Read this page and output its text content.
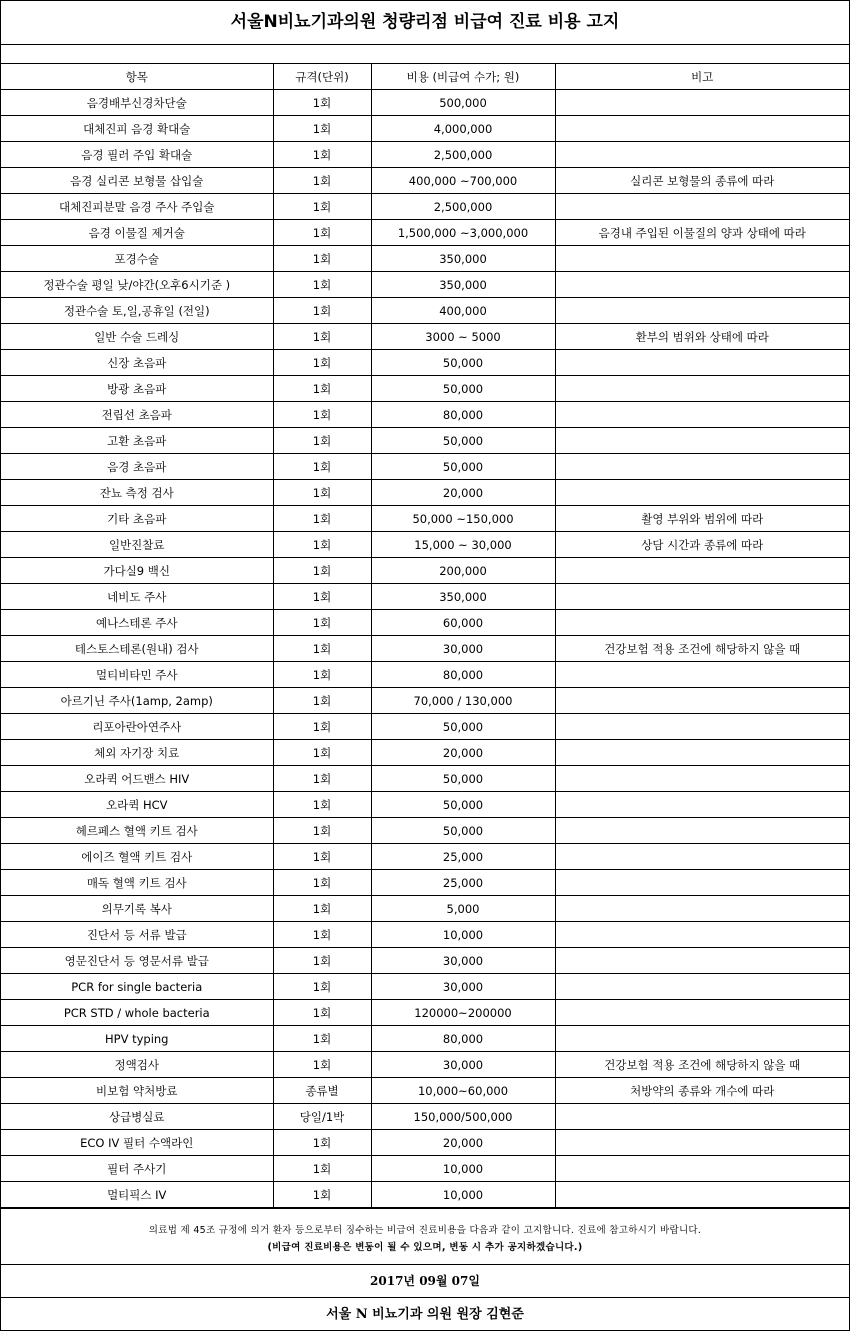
서울N비뇨기과의원 청량리점 비급여 진료 비용 고지
항목	규격(단위)	비용 (비급여 수가; 원)	비고
음경배부신경차단술	1회	500,000	
대체진피 음경 확대술	1회	4,000,000	
음경 필러 주입 확대술	1회	2,500,000	
음경 실리콘 보형물 삽입술	1회	400,000 ~700,000	실리콘 보형물의 종류에 따라
대체진피분말 음경 주사 주입술	1회	2,500,000	
음경 이물질 제거술	1회	1,500,000 ~3,000,000	음경내 주입된 이물질의 양과 상태에 따라
포경수술	1회	350,000	
정관수술 평일 낮/야간(오후6시기준 )	1회	350,000	
정관수술 토,일,공휴일 (전일)	1회	400,000	
일반 수술 드레싱	1회	3000 ~ 5000	환부의 범위와 상태에 따라
신장 초음파	1회	50,000	
방광 초음파	1회	50,000	
전립선 초음파	1회	80,000	
고환 초음파	1회	50,000	
음경 초음파	1회	50,000	
잔뇨 측정 검사	1회	20,000	
기타 초음파	1회	50,000 ~150,000	촬영 부위와 범위에 따라
일반진찰료	1회	15,000 ~ 30,000	상담 시간과 종류에 따라
가다실9 백신	1회	200,000	
네비도 주사	1회	350,000	
예나스테론 주사	1회	60,000	
테스토스테론(원내) 검사	1회	30,000	건강보험 적용 조건에 해당하지 않을 때
멀티비타민 주사	1회	80,000	
아르기닌 주사(1amp, 2amp)	1회	70,000 / 130,000	
리포아란아연주사	1회	50,000	
체외 자기장 치료	1회	20,000	
오라퀵 어드밴스 HIV	1회	50,000	
오라퀵 HCV	1회	50,000	
헤르페스 혈액 키트 검사	1회	50,000	
에이즈 혈액 키트 검사	1회	25,000	
매독 혈액 키트 검사	1회	25,000	
의무기록 복사	1회	5,000	
진단서 등 서류 발급	1회	10,000	
영문진단서 등 영문서류 발급	1회	30,000	
PCR for single bacteria	1회	30,000	
PCR STD / whole bacteria	1회	120000~200000	
HPV typing	1회	80,000	
정액검사	1회	30,000	건강보험 적용 조건에 해당하지 않을 때
비보험 약처방료	종류별	10,000~60,000	처방약의 종류와 개수에 따라
상급병실료	당일/1박	150,000/500,000	
ECO IV 필터 수액라인	1회	20,000	
필터 주사기	1회	10,000	
멀티픽스 IV	1회	10,000	
의료법 제 45조 규정에 의거 환자 등으로부터 징수하는 비급여 진료비용을 다음과 같이 고지합니다. 진료에 참고하시기 바랍니다.
(비급여 진료비용은 변동이 될 수 있으며, 변동 시 추가 공지하겠습니다.)
2017년 09월 07일
서울 N 비뇨기과 의원 원장 김현준
